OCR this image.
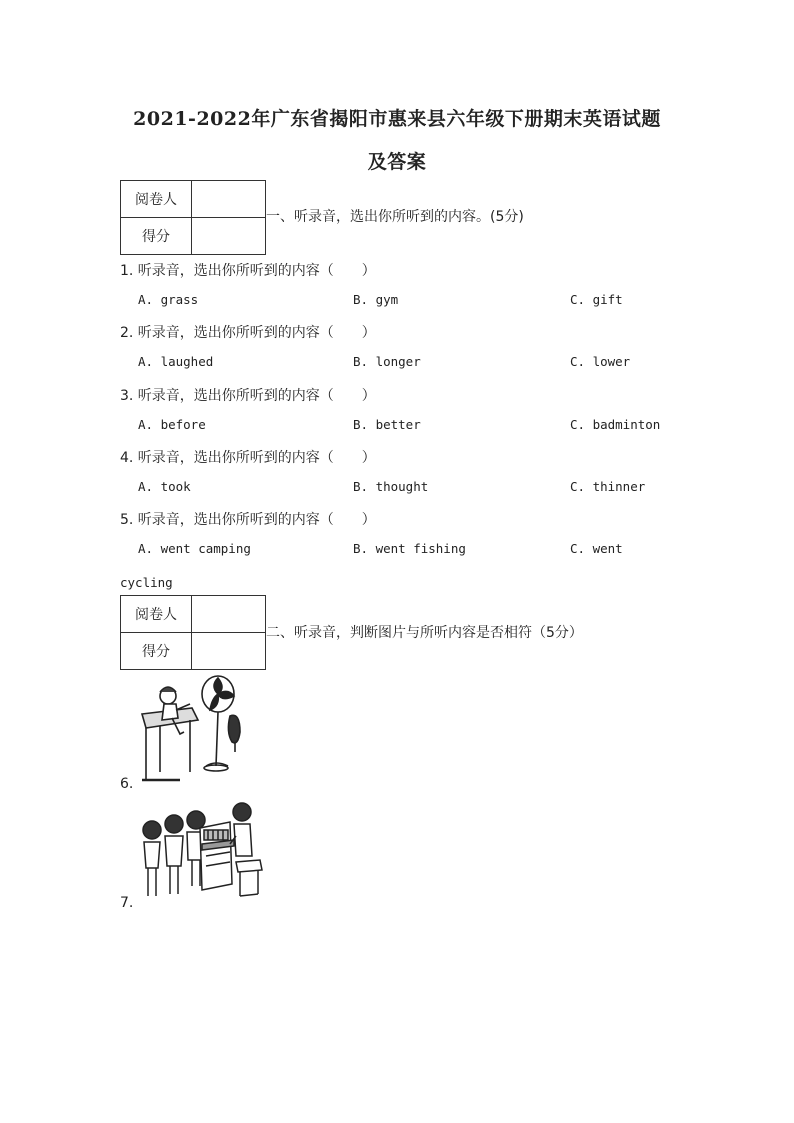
2021-2022年广东省揭阳市惠来县六年级下册期末英语试题
及答案
阅卷人	
得分	
一、听录音，选出你所听到的内容。(5分)
1. 听录音，选出你所听到的内容（　　）
A. grass	B. gym	C. gift
2. 听录音，选出你所听到的内容（　　）
A. laughed	B. longer	C. lower
3. 听录音，选出你所听到的内容（　　）
A. before	B. better	C. badminton
4. 听录音，选出你所听到的内容（　　）
A. took	B. thought	C. thinner
5. 听录音，选出你所听到的内容（　　）
A. went camping	B. went fishing	C. went
cycling
阅卷人	
得分	
二、听录音，判断图片与所听内容是否相符（5分）
6.
7.
